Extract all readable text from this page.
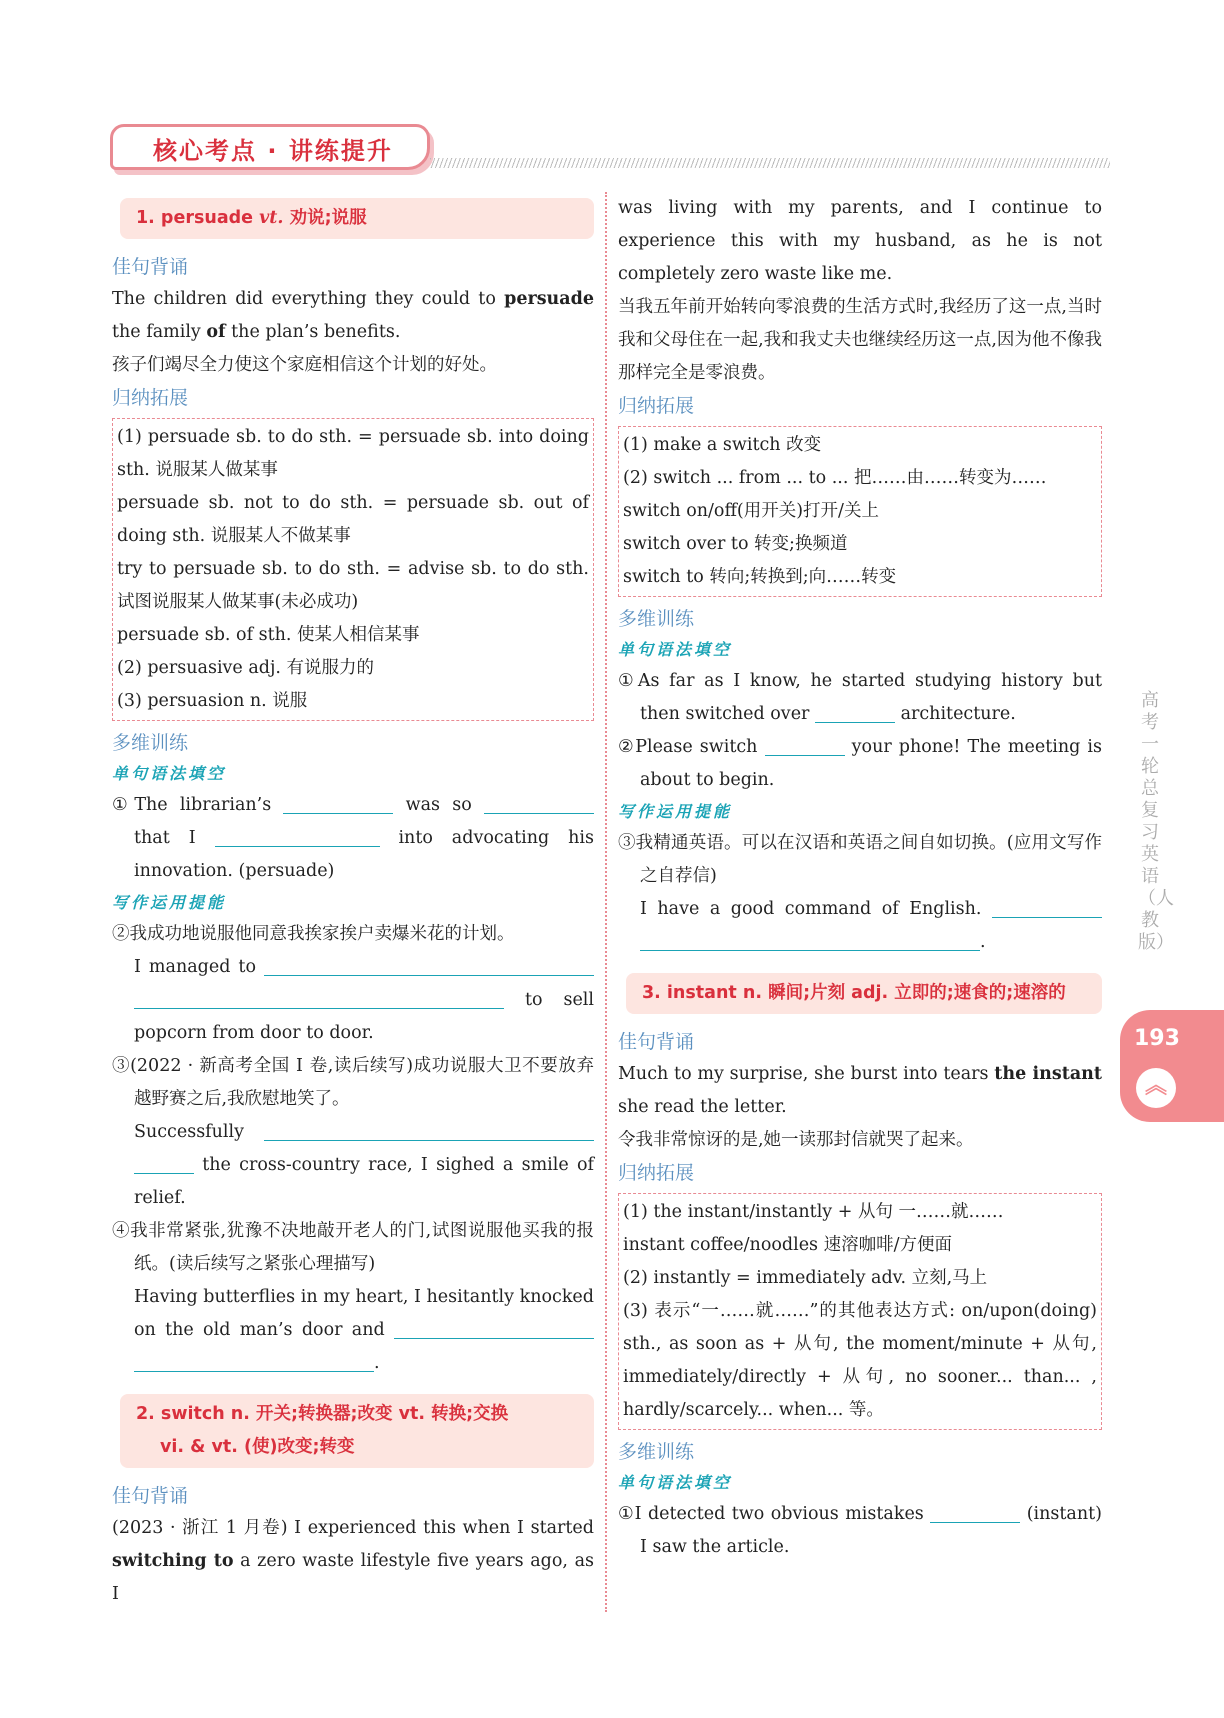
核心考点 · 讲练提升
1. persuade vt. 劝说;说服
佳句背诵

The children did everything they could to persuade the family of the plan’s benefits.

孩子们竭尽全力使这个家庭相信这个计划的好处。

归纳拓展
(1) persuade sb. to do sth. = persuade sb. into doing sth. 说服某人做某事
persuade sb. not to do sth. = persuade sb. out of doing sth. 说服某人不做某事
try to persuade sb. to do sth. = advise sb. to do sth. 试图说服某人做某事(未必成功)
persuade sb. of sth. 使某人相信某事
(2) persuasive adj. 有说服力的
(3) persuasion n. 说服
多维训练
单句语法填空

①The librarian’s	was so  that I	into advocating his innovation. (persuade)

写作运用提能

②我成功地说服他同意我挨家挨户卖爆米花的计划。

I managed to   to sell popcorn from door to door.

③(2022 · 新高考全国 Ⅰ 卷,读后续写)成功说服大卫不要放弃越野赛之后,我欣慰地笑了。

Successfully   the cross-country race, I sighed a smile of relief.

④我非常紧张,犹豫不决地敲开老人的门,试图说服他买我的报纸。(读后续写之紧张心理描写)

Having butterflies in my heart, I hesitantly knocked on the old man’s door and  .

2. switch n. 开关;转换器;改变 vt. 转换;交换
vi. & vt. (使)改变;转变
佳句背诵

(2023 · 浙江 1 月卷) I experienced this when I started switching to a zero waste lifestyle five years ago, as I

was living with my parents, and I continue to experience this with my husband, as he is not completely zero waste like me.

当我五年前开始转向零浪费的生活方式时,我经历了这一点,当时我和父母住在一起,我和我丈夫也继续经历这一点,因为他不像我那样完全是零浪费。

归纳拓展
(1) make a switch 改变
(2) switch ... from ... to ... 把……由……转变为……
switch on/off(用开关)打开/关上
switch over to 转变;换频道
switch to 转向;转换到;向……转变
多维训练
单句语法填空

①As far as I know, he started studying history but then switched over	architecture.

②Please switch	your phone! The meeting is about to begin.

写作运用提能

③我精通英语。可以在汉语和英语之间自如切换。(应用文写作之自荐信)

I have a good command of English.  .

3. instant n. 瞬间;片刻 adj. 立即的;速食的;速溶的
佳句背诵

Much to my surprise, she burst into tears the instant she read the letter.

令我非常惊讶的是,她一读那封信就哭了起来。

归纳拓展
(1) the instant/instantly + 从句 一……就……
instant coffee/noodles 速溶咖啡/方便面
(2) instantly = immediately adv. 立刻,马上
(3) 表示“一……就……”的其他表达方式: on/upon(doing) sth., as soon as + 从句, the moment/minute + 从句, immediately/directly + 从句, no sooner... than... , hardly/scarcely... when... 等。
多维训练
单句语法填空

①I detected two obvious mistakes	(instant) I saw the article.

高考一轮总复习 英语（人教版）
193
︽
